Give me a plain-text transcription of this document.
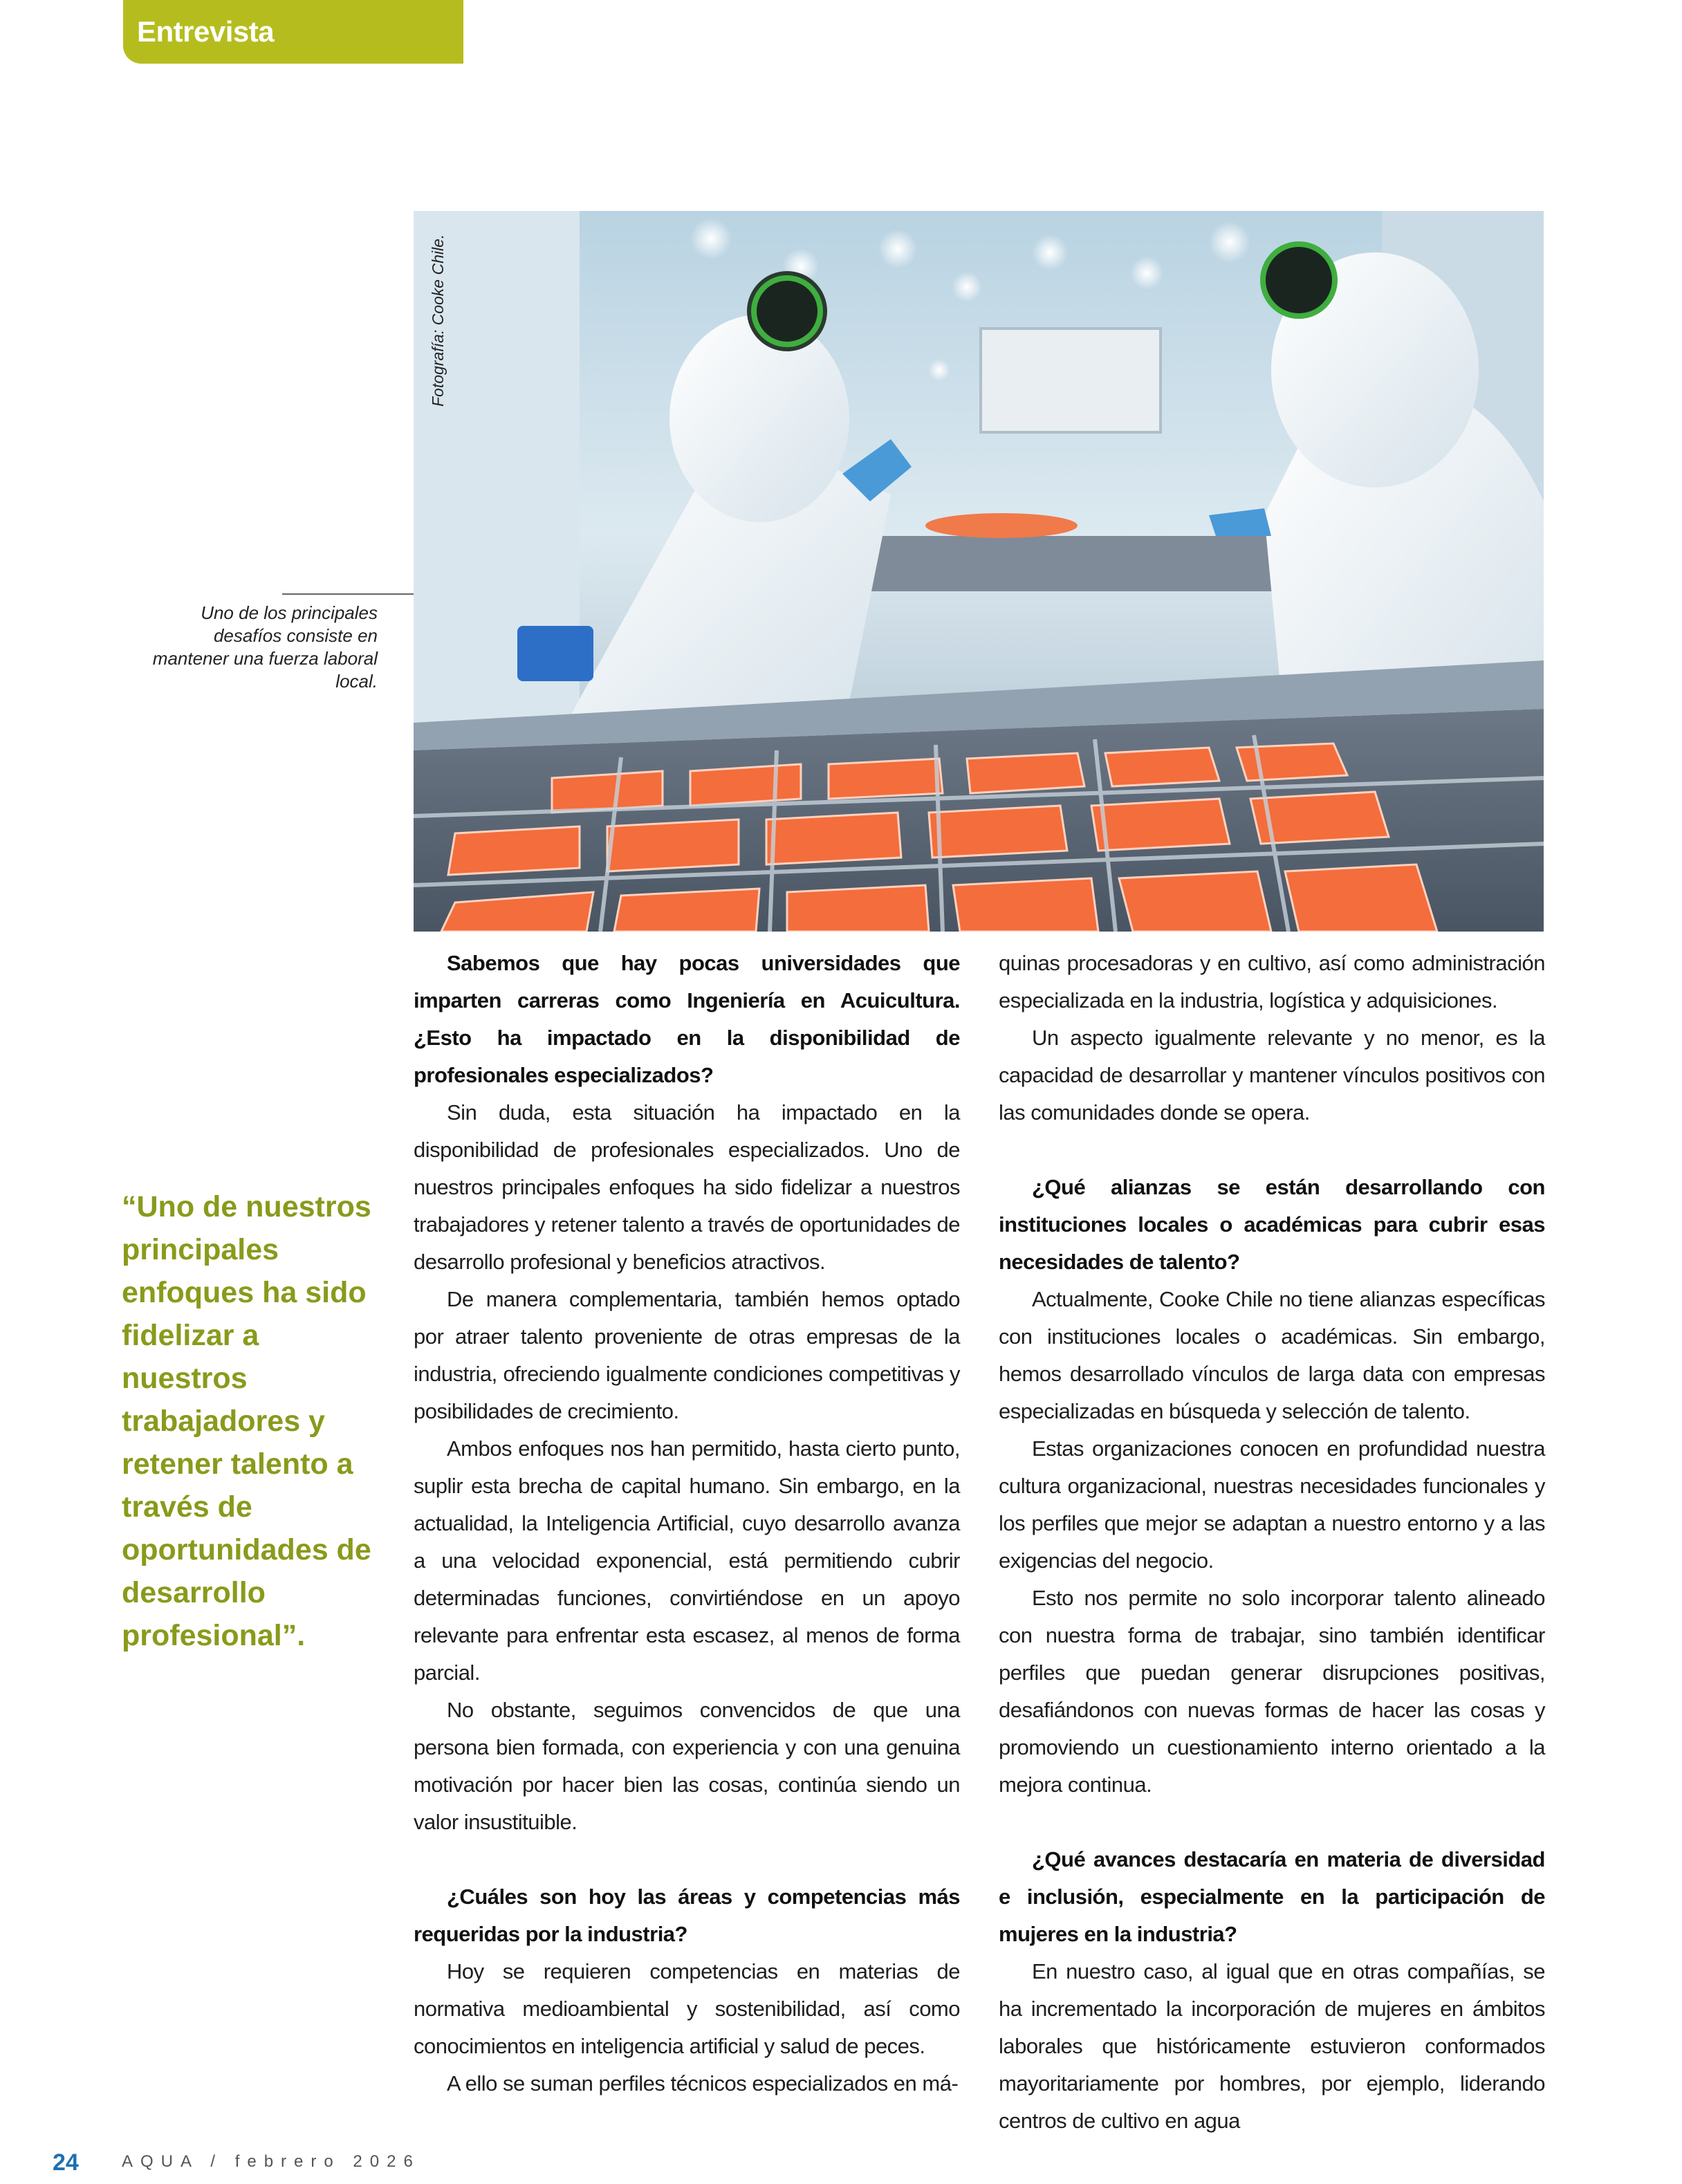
Entrevista
Fotografía: Cooke Chile.
Uno de los principales desafíos consiste en mantener una fuerza laboral local.

“Uno de nuestros principales enfoques ha sido fidelizar a nuestros trabajadores y retener talento a través de oportunidades de desarrollo profesional”.

Sabemos que hay pocas universidades que imparten carreras como Ingeniería en Acuicultura. ¿Esto ha impactado en la disponibilidad de profesionales especializados?

Sin duda, esta situación ha impactado en la disponibilidad de profesionales especializados. Uno de nuestros principales enfoques ha sido fidelizar a nuestros trabajadores y retener talento a través de oportunidades de desarrollo profesional y beneficios atractivos.

De manera complementaria, también hemos optado por atraer talento proveniente de otras empresas de la industria, ofreciendo igualmente condiciones competitivas y posibilidades de crecimiento.

Ambos enfoques nos han permitido, hasta cierto punto, suplir esta brecha de capital humano. Sin embargo, en la actualidad, la Inteligencia Artificial, cuyo desarrollo avanza a una velocidad exponencial, está permitiendo cubrir determinadas funciones, convirtiéndose en un apoyo relevante para enfrentar esta escasez, al menos de forma parcial.

No obstante, seguimos convencidos de que una persona bien formada, con experiencia y con una genuina motivación por hacer bien las cosas, continúa siendo un valor insustituible.

¿Cuáles son hoy las áreas y competencias más requeridas por la industria?

Hoy se requieren competencias en materias de normativa medioambiental y sostenibilidad, así como conocimientos en inteligencia artificial y salud de peces.

A ello se suman perfiles técnicos especializados en má-

quinas procesadoras y en cultivo, así como administración especializada en la industria, logística y adquisiciones.

Un aspecto igualmente relevante y no menor, es la capacidad de desarrollar y mantener vínculos positivos con las comunidades donde se opera.

¿Qué alianzas se están desarrollando con instituciones locales o académicas para cubrir esas necesidades de talento?

Actualmente, Cooke Chile no tiene alianzas específicas con instituciones locales o académicas. Sin embargo, hemos desarrollado vínculos de larga data con empresas especializadas en búsqueda y selección de talento.

Estas organizaciones conocen en profundidad nuestra cultura organizacional, nuestras necesidades funcionales y los perfiles que mejor se adaptan a nuestro entorno y a las exigencias del negocio.

Esto nos permite no solo incorporar talento alineado con nuestra forma de trabajar, sino también identificar perfiles que puedan generar disrupciones positivas, desafiándonos con nuevas formas de hacer las cosas y promoviendo un cuestionamiento interno orientado a la mejora continua.

¿Qué avances destacaría en materia de diversidad e inclusión, especialmente en la participación de mujeres en la industria?

En nuestro caso, al igual que en otras compañías, se ha incrementado la incorporación de mujeres en ámbitos laborales que históricamente estuvieron conformados mayoritariamente por hombres, por ejemplo, liderando centros de cultivo en agua

24	AQUA / febrero 2026
